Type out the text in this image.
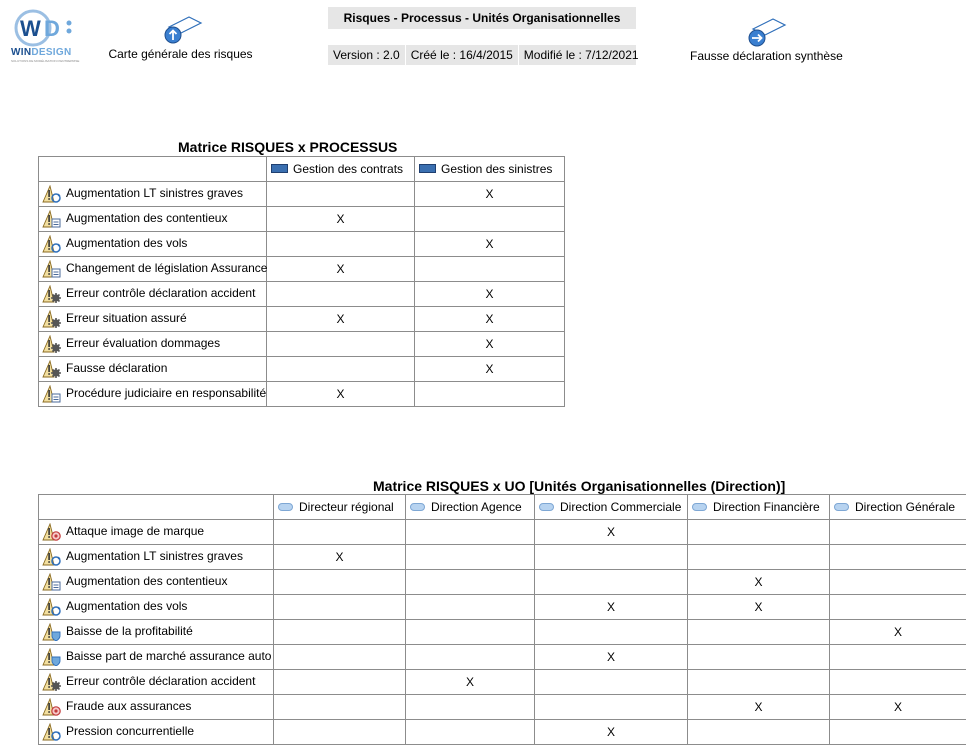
W D
WINDESIGN
SOLUTIONS DE MODÉLISATION D'ENTREPRISE Carte générale des risques
Risques - Processus - Unités Organisationnelles
Version : 2.0 Créé le : 16/4/2015 Modifié le : 7/12/2021	Fausse déclaration synthèse
Matrice RISQUES x PROCESSUS
	Gestion des contrats	Gestion des sinistres
Augmentation LT sinistres graves		X
Augmentation des contentieux	X	
Augmentation des vols		X
Changement de législation Assurance	X	
Erreur contrôle déclaration accident		X
Erreur situation assuré	X	X
Erreur évaluation dommages		X
Fausse déclaration		X
Procédure judiciaire en responsabilité	X	
Matrice RISQUES x UO [Unités Organisationnelles (Direction)]
	Directeur régional	Direction Agence	Direction Commerciale	Direction Financière	Direction Générale
Attaque image de marque			X		
Augmentation LT sinistres graves	X				
Augmentation des contentieux				X	
Augmentation des vols			X	X	
Baisse de la profitabilité					X
Baisse part de marché assurance auto			X		
Erreur contrôle déclaration accident		X			
Fraude aux assurances				X	X
Pression concurrentielle			X		
